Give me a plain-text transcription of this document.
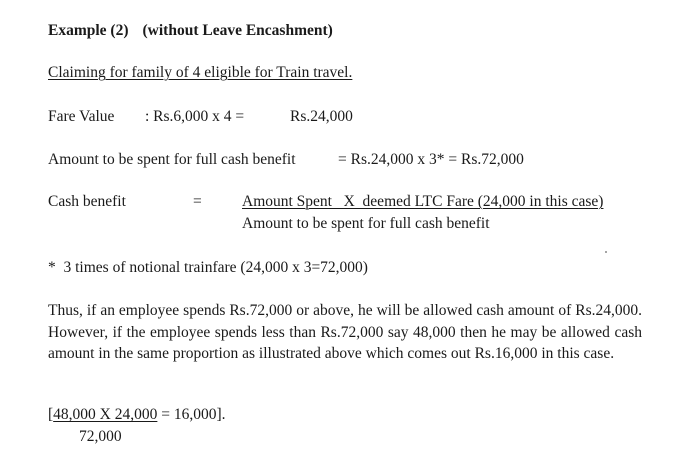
Example (2) (without Leave Encashment)
Claiming for family of 4 eligible for Train travel.
Fare Value : Rs.6,000 x 4 =	Rs.24,000
Amount to be spent for full cash benefit	= Rs.24,000 x 3* = Rs.72,000
Cash benefit	=	Amount Spent   X  deemed LTC Fare (24,000 in this case)
Amount to be spent for full cash benefit
*  3 times of notional trainfare (24,000 x 3=72,000)
Thus, if an employee spends Rs.72,000 or above, he will be allowed cash amount of Rs.24,000. However, if the employee spends less than Rs.72,000 say 48,000 then he may be allowed cash amount in the same proportion as illustrated above which comes out Rs.16,000 in this case.
[48,000 X 24,000 = 16,000].
72,000
